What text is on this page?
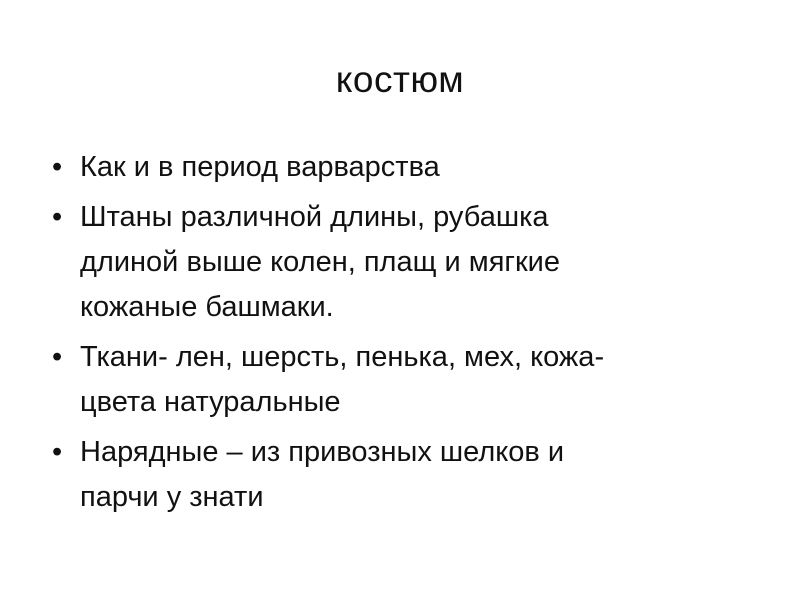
костюм
• Как и в период варварства
• Штаны различной длины, рубашка
длиной выше колен, плащ и мягкие
кожаные башмаки.
• Ткани- лен, шерсть, пенька, мех, кожа-
цвета натуральные
• Нарядные – из привозных шелков и
парчи у знати
